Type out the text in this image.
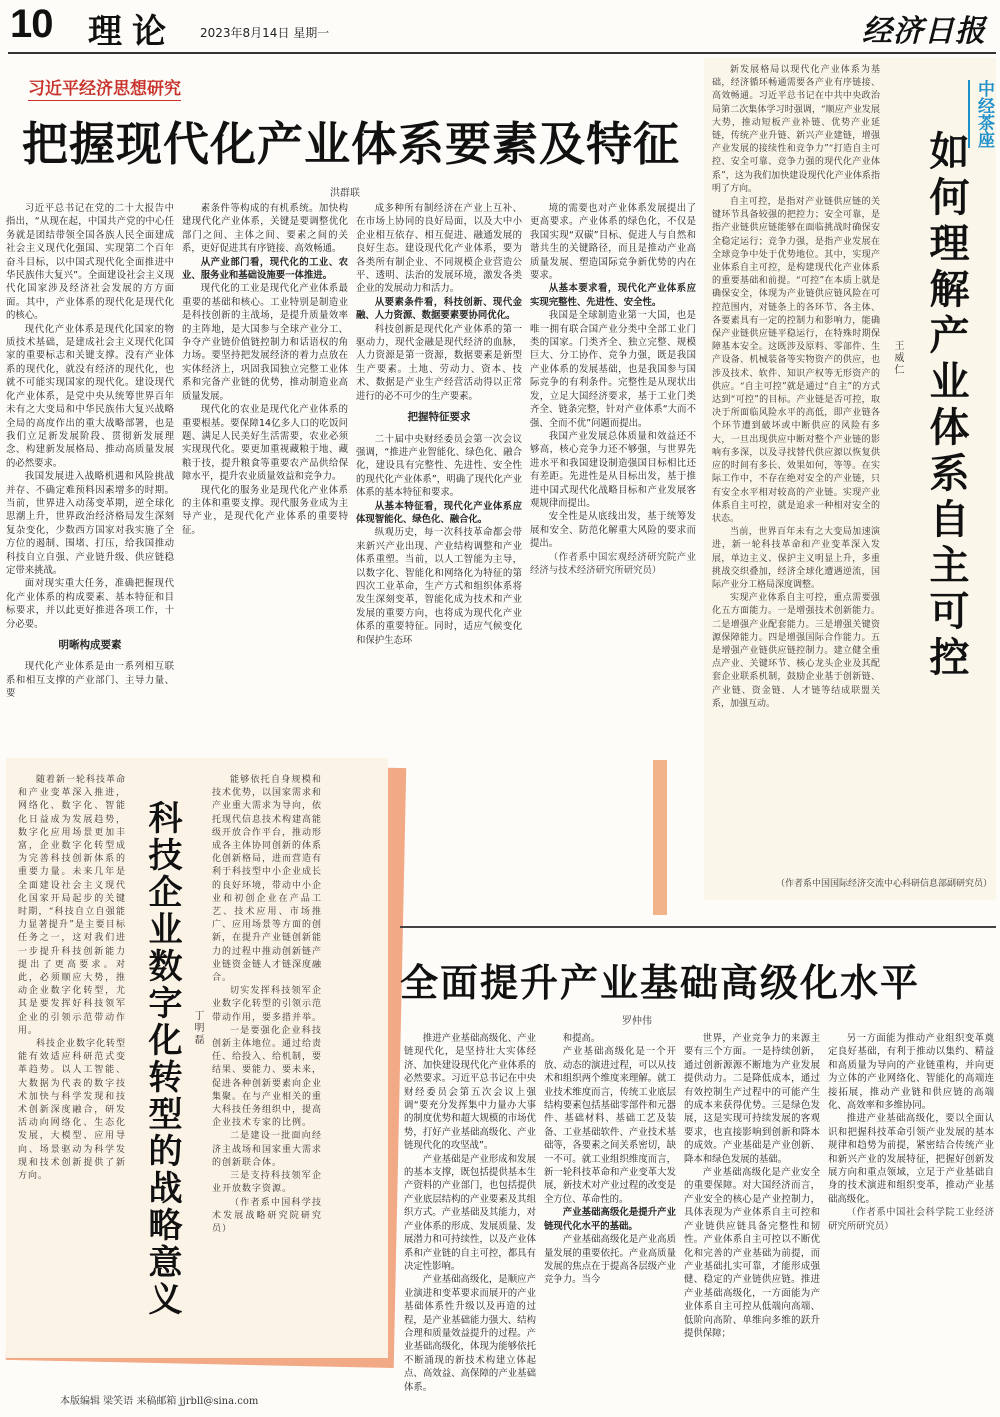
10 理论 2023年8月14日 星期一	经济日报
习近平经济思想研究
把握现代化产业体系要素及特征
洪群联

习近平总书记在党的二十大报告中指出，“从现在起，中国共产党的中心任务就是团结带领全国各族人民全面建成社会主义现代化强国、实现第二个百年奋斗目标，以中国式现代化全面推进中华民族伟大复兴”。全面建设社会主义现代化国家涉及经济社会发展的方方面面。其中，产业体系的现代化是现代化的核心。

现代化产业体系是现代化国家的物质技术基础，是建成社会主义现代化国家的重要标志和关键支撑。没有产业体系的现代化，就没有经济的现代化，也就不可能实现国家的现代化。建设现代化产业体系，是党中央从统筹世界百年未有之大变局和中华民族伟大复兴战略全局的高度作出的重大战略部署，也是我们立足新发展阶段、贯彻新发展理念、构建新发展格局、推动高质量发展的必然要求。

我国发展进入战略机遇和风险挑战并存、不确定难预料因素增多的时期。当前，世界进入动荡变革期，逆全球化思潮上升，世界政治经济格局发生深刻复杂变化，少数西方国家对我实施了全方位的遏制、围堵、打压，给我国推动科技自立自强、产业链升级、供应链稳定带来挑战。

面对现实重大任务，准确把握现代化产业体系的构成要素、基本特征和目标要求，并以此更好推进各项工作，十分必要。

明晰构成要素

现代化产业体系是由一系列相互联系和相互支撑的产业部门、主导力量、要

素条件等构成的有机系统。加快构建现代化产业体系，关键是要调整优化部门之间、主体之间、要素之间的关系，更好促进其有序链接、高效畅通。

从产业部门看，现代化的工业、农业、服务业和基础设施要一体推进。

现代化的工业是现代化产业体系最重要的基础和核心。工业特别是制造业是科技创新的主战场，是提升质量效率的主阵地，是大国参与全球产业分工、争夺产业链价值链控制力和话语权的角力场。要坚持把发展经济的着力点放在实体经济上，巩固我国独立完整工业体系和完备产业链的优势，推动制造业高质量发展。

现代化的农业是现代化产业体系的重要根基。要保障14亿多人口的吃饭问题、满足人民美好生活需要，农业必须实现现代化。要更加重视藏粮于地、藏粮于技，提升粮食等重要农产品供给保障水平，提升农业质量效益和竞争力。

现代化的服务业是现代化产业体系的主体和重要支撑。现代服务业成为主导产业，是现代化产业体系的重要特征。

成多种所有制经济在产业上互补、在市场上协同的良好局面，以及大中小企业相互依存、相互促进、融通发展的良好生态。建设现代化产业体系，要为各类所有制企业、不同规模企业营造公平、透明、法治的发展环境，激发各类企业的发展动力和活力。

从要素条件看，科技创新、现代金融、人力资源、数据要素要协同优化。

科技创新是现代化产业体系的第一驱动力，现代金融是现代经济的血脉，人力资源是第一资源，数据要素是新型生产要素。土地、劳动力、资本、技术、数据是产业生产经营活动得以正常进行的必不可少的生产要素。

把握特征要求

二十届中央财经委员会第一次会议强调，“推进产业智能化、绿色化、融合化，建设具有完整性、先进性、安全性的现代化产业体系”，明确了现代化产业体系的基本特征和要求。

从基本特征看，现代化产业体系应体现智能化、绿色化、融合化。

纵观历史，每一次科技革命都会带来新兴产业出现、产业结构调整和产业体系重塑。当前，以人工智能为主导，以数字化、智能化和网络化为特征的第四次工业革命，生产方式和组织体系将发生深刻变革，智能化成为技术和产业发展的重要方向，也将成为现代化产业体系的重要特征。同时，适应气候变化和保护生态环

境的需要也对产业体系发展提出了更高要求。产业体系的绿色化，不仅是我国实现“双碳”目标、促进人与自然和谐共生的关键路径，而且是推动产业高质量发展、塑造国际竞争新优势的内在要求。

从基本要求看，现代化产业体系应实现完整性、先进性、安全性。

我国是全球制造业第一大国，也是唯一拥有联合国产业分类中全部工业门类的国家。门类齐全、独立完整、规模巨大、分工协作、竞争力强，既是我国产业体系的发展基础，也是我国参与国际竞争的有利条件。完整性是从现状出发，立足大国经济要求，基于工业门类齐全、链条完整，针对产业体系“大而不强、全而不优”问题而提出。

我国产业发展总体质量和效益还不够高，核心竞争力还不够强，与世界先进水平和我国建设制造强国目标相比还有差距。先进性是从目标出发，基于推进中国式现代化战略目标和产业发展客观规律而提出。

安全性是从底线出发，基于统筹发展和安全、防范化解重大风险的要求而提出。

（作者系中国宏观经济研究院产业经济与技术经济研究所研究员）

新发展格局以现代化产业体系为基础，经济循环畅通需要各产业有序链接、高效畅通。习近平总书记在中共中央政治局第二次集体学习时强调，“顺应产业发展大势，推动短板产业补链、优势产业延链，传统产业升链、新兴产业建链，增强产业发展的接续性和竞争力”“打造自主可控、安全可靠、竞争力强的现代化产业体系”，这为我们加快建设现代化产业体系指明了方向。

自主可控，是指对产业链供应链的关键环节具备较强的把控力；安全可靠，是指产业链供应链能够在面临挑战时确保安全稳定运行；竞争力强，是指产业发展在全球竞争中处于优势地位。其中，实现产业体系自主可控，是构建现代化产业体系的重要基础和前提。“可控”在本质上就是确保安全，体现为产业链供应链风险在可控范围内，对链条上的各环节、各主体、各要素具有一定的控制力和影响力，能确保产业链供应链平稳运行，在特殊时期保障基本安全。这既涉及原料、零部件、生产设备、机械装备等实物资产的供应，也涉及技术、软件、知识产权等无形资产的供应。“自主可控”就是通过“自主”的方式达到“可控”的目标。产业链是否可控，取决于所面临风险水平的高低，即产业链各个环节遭到破坏或中断供应的风险有多大，一旦出现供应中断对整个产业链的影响有多深，以及寻找替代供应源以恢复供应的时间有多长、效果如何，等等。在实际工作中，不存在绝对安全的产业链，只有安全水平相对较高的产业链。实现产业体系自主可控，就是追求一种相对安全的状态。

当前，世界百年未有之大变局加速演进，新一轮科技革命和产业变革深入发展，单边主义、保护主义明显上升，多重挑战交织叠加，经济全球化遭遇逆流，国际产业分工格局深度调整。

实现产业体系自主可控，重点需要强化五方面能力。一是增强技术创新能力。二是增强产业配套能力。三是增强关键资源保障能力。四是增强国际合作能力。五是增强产业链供应链控制力。建立健全重点产业、关键环节、核心龙头企业及其配套企业联系机制，鼓励企业基于创新链、产业链、资金链、人才链等结成联盟关系，加强互动。

（作者系中国国际经济交流中心科研信息部副研究员）
中经茶座
如何理解产业体系自主可控
王威仁

随着新一轮科技革命和产业变革深入推进，网络化、数字化、智能化日益成为发展趋势，数字化应用场景更加丰富，企业数字化转型成为完善科技创新体系的重要力量。未来几年是全面建设社会主义现代化国家开局起步的关键时期，“科技自立自强能力显著提升”是主要目标任务之一，这对我们进一步提升科技创新能力提出了更高要求。对此，必须顺应大势，推动企业数字化转型，尤其是要发挥好科技领军企业的引领示范带动作用。

科技企业数字化转型能有效适应科研范式变革趋势。以人工智能、大数据为代表的数字技术加快与科学发现和技术创新深度融合，研发活动向网络化、生态化发展，大模型、应用导向、场景驱动为科学发现和技术创新提供了新方向。	科技企业数字化转型的战略意义	丁明磊

能够依托自身规模和技术优势，以国家需求和产业重大需求为导向，依托现代信息技术构建高能级开放合作平台，推动形成各主体协同创新的体系化创新格局，进而营造有利于科技型中小企业成长的良好环境，带动中小企业和初创企业在产品工艺、技术应用、市场推广、应用场景等方面的创新，在提升产业链创新能力的过程中推动创新链产业链资金链人才链深度融合。

切实发挥科技领军企业数字化转型的引领示范带动作用，要多措并举。

一是要强化企业科技创新主体地位。通过给责任、给投入、给机制，要结果、要能力、要未来，促进各种创新要素向企业集聚。在与产业相关的重大科技任务组织中，提高企业技术专家的比例。

二是建设一批面向经济主战场和国家重大需求的创新联合体。

三是支持科技领军企业开放数字资源。

（作者系中国科学技术发展战略研究院研究员）

全面提升产业基础高级化水平
罗仲伟

推进产业基础高级化、产业链现代化，是坚持壮大实体经济、加快建设现代化产业体系的必然要求。习近平总书记在中央财经委员会第五次会议上强调“要充分发挥集中力量办大事的制度优势和超大规模的市场优势，打好产业基础高级化、产业链现代化的攻坚战”。

产业基础是产业形成和发展的基本支撑，既包括提供基本生产资料的产业部门，也包括提供产业底层结构的产业要素及其组织方式。产业基础及其能力，对产业体系的形成、发展质量、发展潜力和可持续性，以及产业体系和产业链的自主可控，都具有决定性影响。

产业基础高级化，是顺应产业演进和变革要求而展开的产业基础体系性升级以及再造的过程，是产业基础能力强大、结构合理和质量效益提升的过程。产业基础高级化，体现为能够依托不断涌现的新技术构建立体起点、高效益、高保障的产业基础体系。

和提高。

产业基础高级化是一个开放、动态的演进过程，可以从技术和组织两个维度来理解。就工业技术维度而言，传统工业底层结构要素包括基础零部件和元器件、基础材料、基础工艺及装备、工业基础软件、产业技术基础等，各要素之间关系密切，缺一不可。就工业组织维度而言，新一轮科技革命和产业变革大发展，新技术对产业过程的改变是全方位、革命性的。

产业基础高级化是提升产业链现代化水平的基础。

产业基础高级化是产业高质量发展的重要依托。产业高质量发展的焦点在于提高各层级产业竞争力。当今

世界，产业竞争力的来源主要有三个方面。一是持续创新，通过创新源源不断地为产业发展提供动力。二是降低成本，通过有效控制生产过程中的可能产生的成本来获得优势。三是绿色发展，这是实现可持续发展的客观要求，也直接影响到创新和降本的成效。产业基础是产业创新、降本和绿色发展的基础。

产业基础高级化是产业安全的重要保障。对大国经济而言，产业安全的核心是产业控制力，具体表现为产业体系自主可控和产业链供应链具备完整性和韧性。产业体系自主可控以不断优化和完善的产业基础为前提，而产业基础扎实可靠，才能形成强健、稳定的产业链供应链。推进产业基础高级化，一方面能为产业体系自主可控从低端向高端、低阶向高阶、单维向多维的跃升提供保障；

另一方面能为推动产业组织变革奠定良好基础，有利于推动以集约、精益和高质量为导向的产业链重构，并向更为立体的产业网络化、智能化的高端连接拓展，推动产业链和供应链的高端化、高效率和多维协同。

推进产业基础高级化，要以全面认识和把握科技革命引领产业发展的基本规律和趋势为前提，紧密结合传统产业和新兴产业的发展特征，把握好创新发展方向和重点领域，立足于产业基础自身的技术演进和组织变革，推动产业基础高级化。

（作者系中国社会科学院工业经济研究所研究员）

本版编辑 梁笑语 来稿邮箱 jjrbll@sina.com
